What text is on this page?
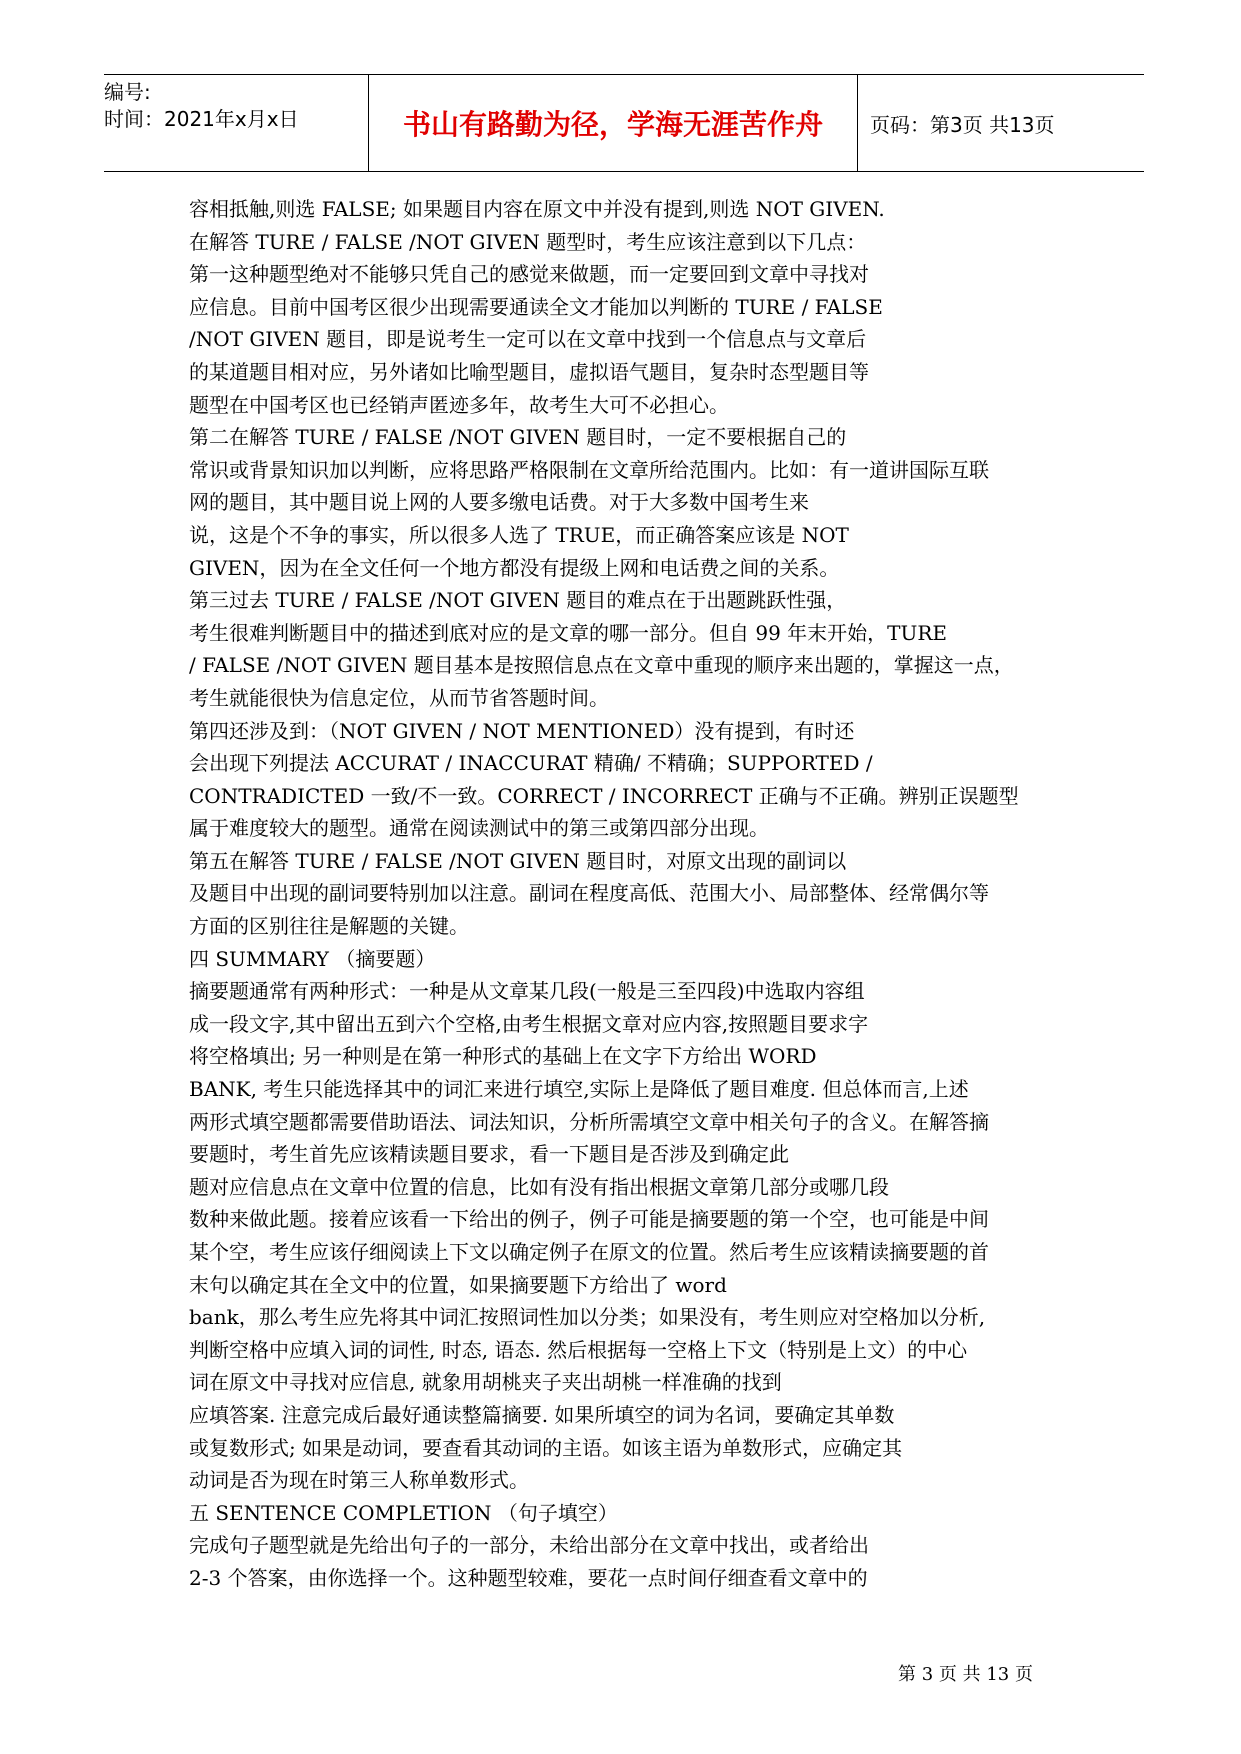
编号:
时间：2021年x月x日	书山有路勤为径，学海无涯苦作舟	页码：第3页 共13页
容相抵触,则选 FALSE; 如果题目内容在原文中并没有提到,则选 NOT GIVEN.
在解答 TURE / FALSE /NOT GIVEN 题型时，考生应该注意到以下几点：
第一这种题型绝对不能够只凭自己的感觉来做题，而一定要回到文章中寻找对
应信息。目前中国考区很少出现需要通读全文才能加以判断的 TURE / FALSE
/NOT GIVEN 题目，即是说考生一定可以在文章中找到一个信息点与文章后
的某道题目相对应，另外诸如比喻型题目，虚拟语气题目，复杂时态型题目等
题型在中国考区也已经销声匿迹多年，故考生大可不必担心。
第二在解答 TURE / FALSE /NOT GIVEN 题目时，一定不要根据自己的
常识或背景知识加以判断，应将思路严格限制在文章所给范围内。比如：有一道讲国际互联
网的题目，其中题目说上网的人要多缴电话费。对于大多数中国考生来
说，这是个不争的事实，所以很多人选了 TRUE，而正确答案应该是 NOT
GIVEN，因为在全文任何一个地方都没有提级上网和电话费之间的关系。
第三过去 TURE / FALSE /NOT GIVEN 题目的难点在于出题跳跃性强，
考生很难判断题目中的描述到底对应的是文章的哪一部分。但自 99 年末开始，TURE
/ FALSE /NOT GIVEN 题目基本是按照信息点在文章中重现的顺序来出题的，掌握这一点，
考生就能很快为信息定位，从而节省答题时间。
第四还涉及到：（NOT GIVEN / NOT MENTIONED）没有提到，有时还
会出现下列提法 ACCURAT / INACCURAT 精确/ 不精确；SUPPORTED /
CONTRADICTED 一致/不一致。CORRECT / INCORRECT 正确与不正确。辨别正误题型
属于难度较大的题型。通常在阅读测试中的第三或第四部分出现。
第五在解答 TURE / FALSE /NOT GIVEN 题目时，对原文出现的副词以
及题目中出现的副词要特别加以注意。副词在程度高低、范围大小、局部整体、经常偶尔等
方面的区别往往是解题的关键。
四 SUMMARY （摘要题）
摘要题通常有两种形式：一种是从文章某几段(一般是三至四段)中选取内容组
成一段文字,其中留出五到六个空格,由考生根据文章对应内容,按照题目要求字
将空格填出; 另一种则是在第一种形式的基础上在文字下方给出 WORD
BANK, 考生只能选择其中的词汇来进行填空,实际上是降低了题目难度. 但总体而言,上述
两形式填空题都需要借助语法、词法知识，分析所需填空文章中相关句子的含义。在解答摘
要题时，考生首先应该精读题目要求，看一下题目是否涉及到确定此
题对应信息点在文章中位置的信息，比如有没有指出根据文章第几部分或哪几段
数种来做此题。接着应该看一下给出的例子，例子可能是摘要题的第一个空，也可能是中间
某个空，考生应该仔细阅读上下文以确定例子在原文的位置。然后考生应该精读摘要题的首
末句以确定其在全文中的位置，如果摘要题下方给出了 word
bank，那么考生应先将其中词汇按照词性加以分类；如果没有，考生则应对空格加以分析,
判断空格中应填入词的词性, 时态, 语态. 然后根据每一空格上下文（特别是上文）的中心
词在原文中寻找对应信息, 就象用胡桃夹子夹出胡桃一样准确的找到
应填答案. 注意完成后最好通读整篇摘要. 如果所填空的词为名词，要确定其单数
或复数形式; 如果是动词，要查看其动词的主语。如该主语为单数形式，应确定其
动词是否为现在时第三人称单数形式。
五 SENTENCE COMPLETION （句子填空）
完成句子题型就是先给出句子的一部分，未给出部分在文章中找出，或者给出
2-3 个答案，由你选择一个。这种题型较难，要花一点时间仔细查看文章中的
第 3 页 共 13 页
